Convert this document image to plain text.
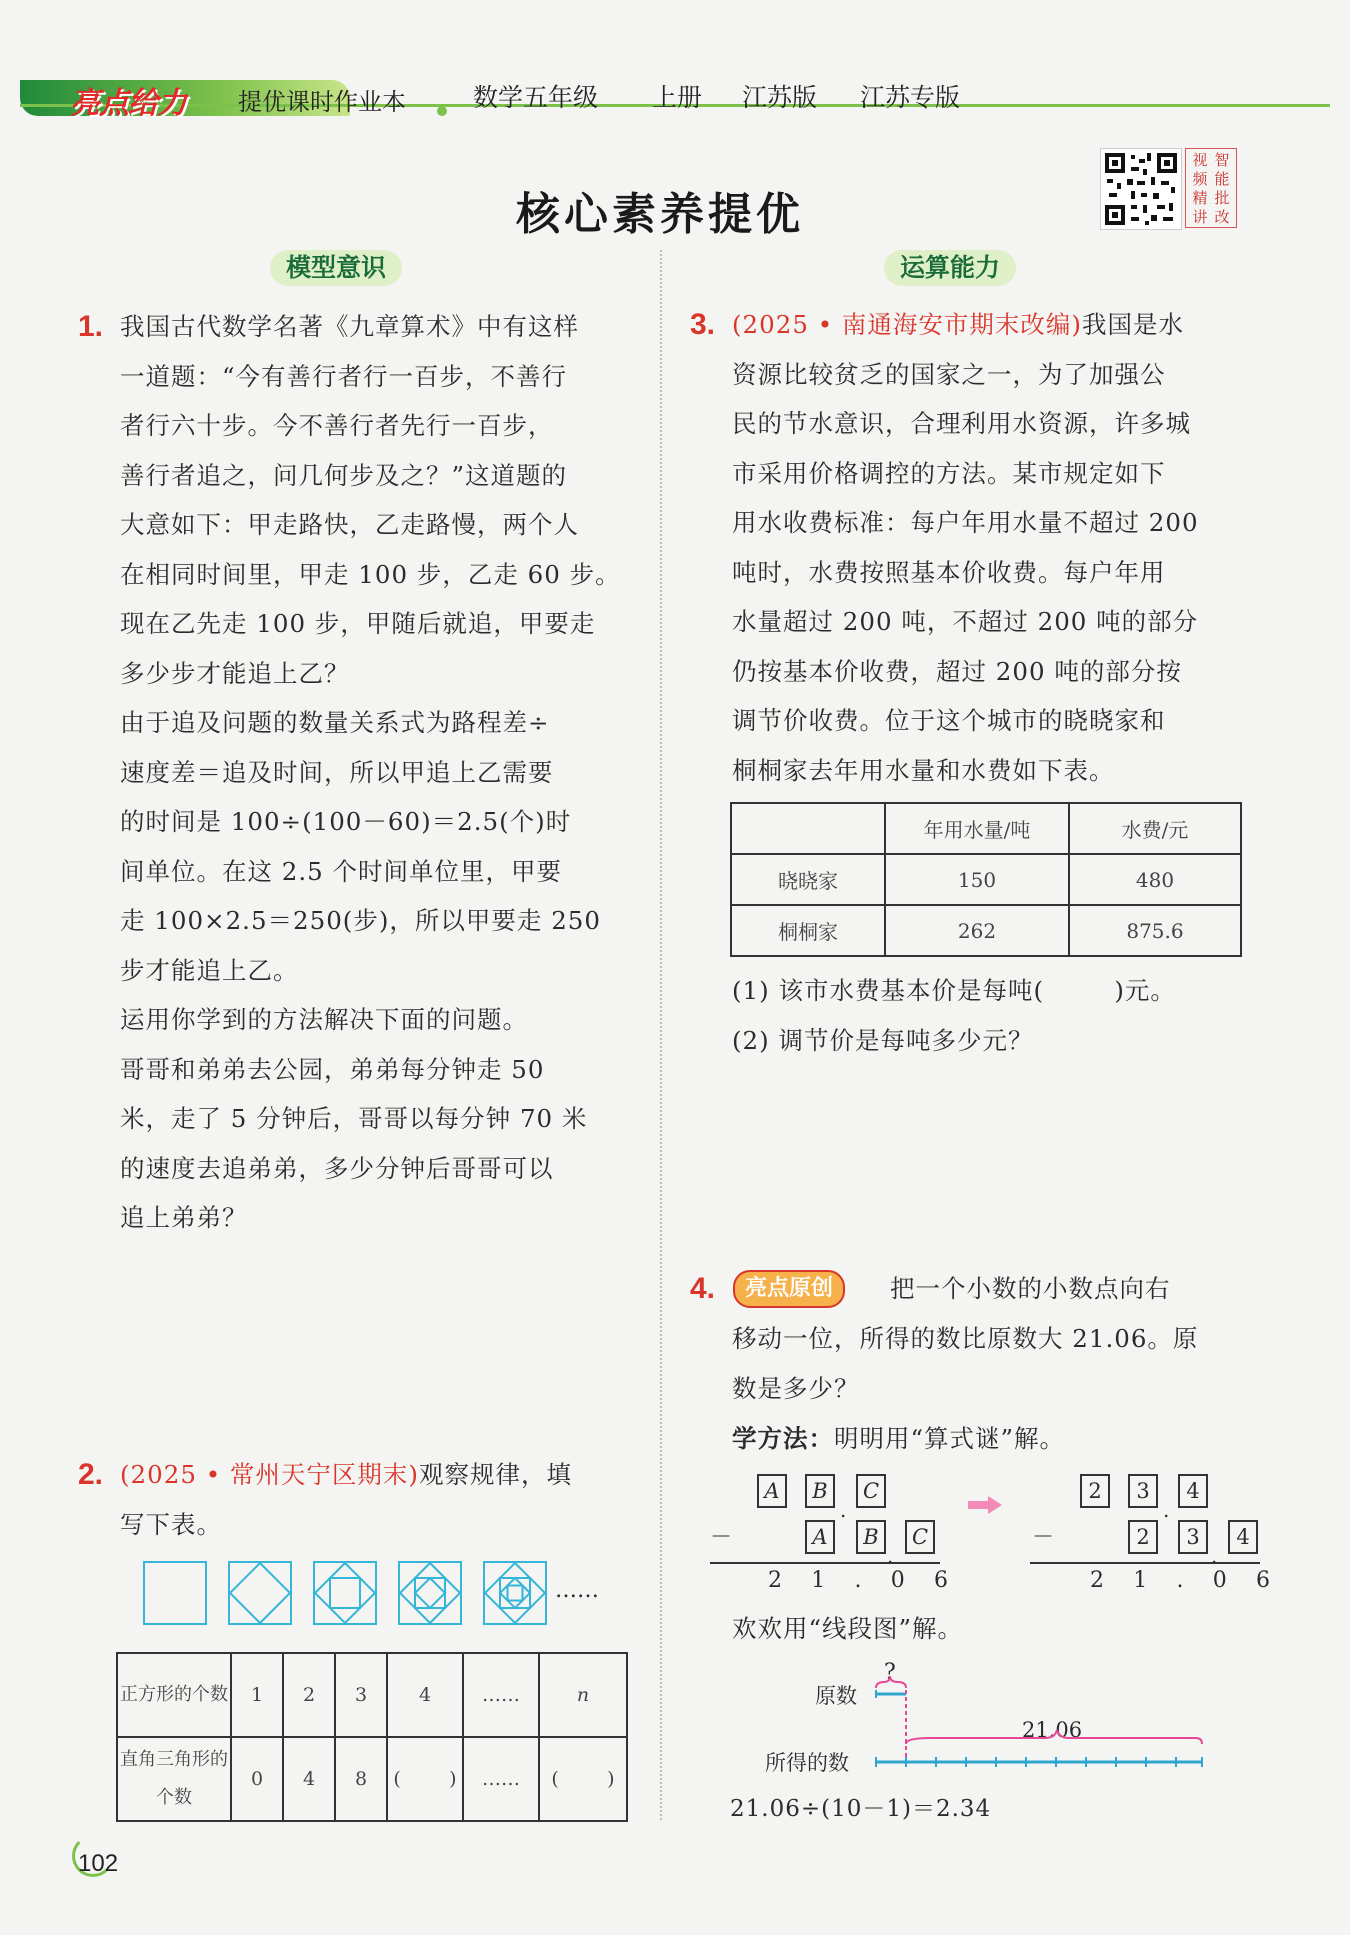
亮点给力 提优课时作业本	数学五年级 上册 江苏版 江苏专版
核心素养提优
视频精讲
智能批改
模型意识	运算能力
1. 我国古代数学名著《九章算术》中有这样
一道题：“今有善行者行一百步，不善行
者行六十步。今不善行者先行一百步，
善行者追之，问几何步及之？”这道题的
大意如下：甲走路快，乙走路慢，两个人
在相同时间里，甲走 100 步，乙走 60 步。
现在乙先走 100 步，甲随后就追，甲要走
多少步才能追上乙？
由于追及问题的数量关系式为路程差÷
速度差＝追及时间，所以甲追上乙需要
的时间是 100÷(100－60)＝2.5(个)时
间单位。在这 2.5 个时间单位里，甲要
走 100×2.5＝250(步)，所以甲要走 250
步才能追上乙。
运用你学到的方法解决下面的问题。
哥哥和弟弟去公园，弟弟每分钟走 50
米，走了 5 分钟后，哥哥以每分钟 70 米
的速度去追弟弟，多少分钟后哥哥可以
追上弟弟？
2. (2025 • 常州天宁区期末)观察规律，填
写下表。
……
正方形的个数	1	2	3	4	……	n
直角三角形的个数	0	4	8	(        )	……	(        )
3. (2025 • 南通海安市期末改编)我国是水
资源比较贫乏的国家之一，为了加强公
民的节水意识，合理利用水资源，许多城
市采用价格调控的方法。某市规定如下
用水收费标准：每户年用水量不超过 200
吨时，水费按照基本价收费。每户年用
水量超过 200 吨，不超过 200 吨的部分
仍按基本价收费，超过 200 吨的部分按
调节价收费。位于这个城市的晓晓家和
桐桐家去年用水量和水费如下表。
	年用水量/吨	水费/元
晓晓家	150	480
桐桐家	262	875.6
(1) 该市水费基本价是每吨(        )元。
(2) 调节价是每吨多少元？
4.	亮点原创	把一个小数的小数点向右
移动一位，所得的数比原数大 21.06。原
数是多少？
学方法：明明用“算式谜”解。
A	B	C
.
－	A	B	C
.
2 1 . 0 6
2	3	4
.
－	2	3	4
.
2 1 . 0 6
欢欢用“线段图”解。
?
原数
所得的数
21.06
21.06÷(10－1)＝2.34
102
